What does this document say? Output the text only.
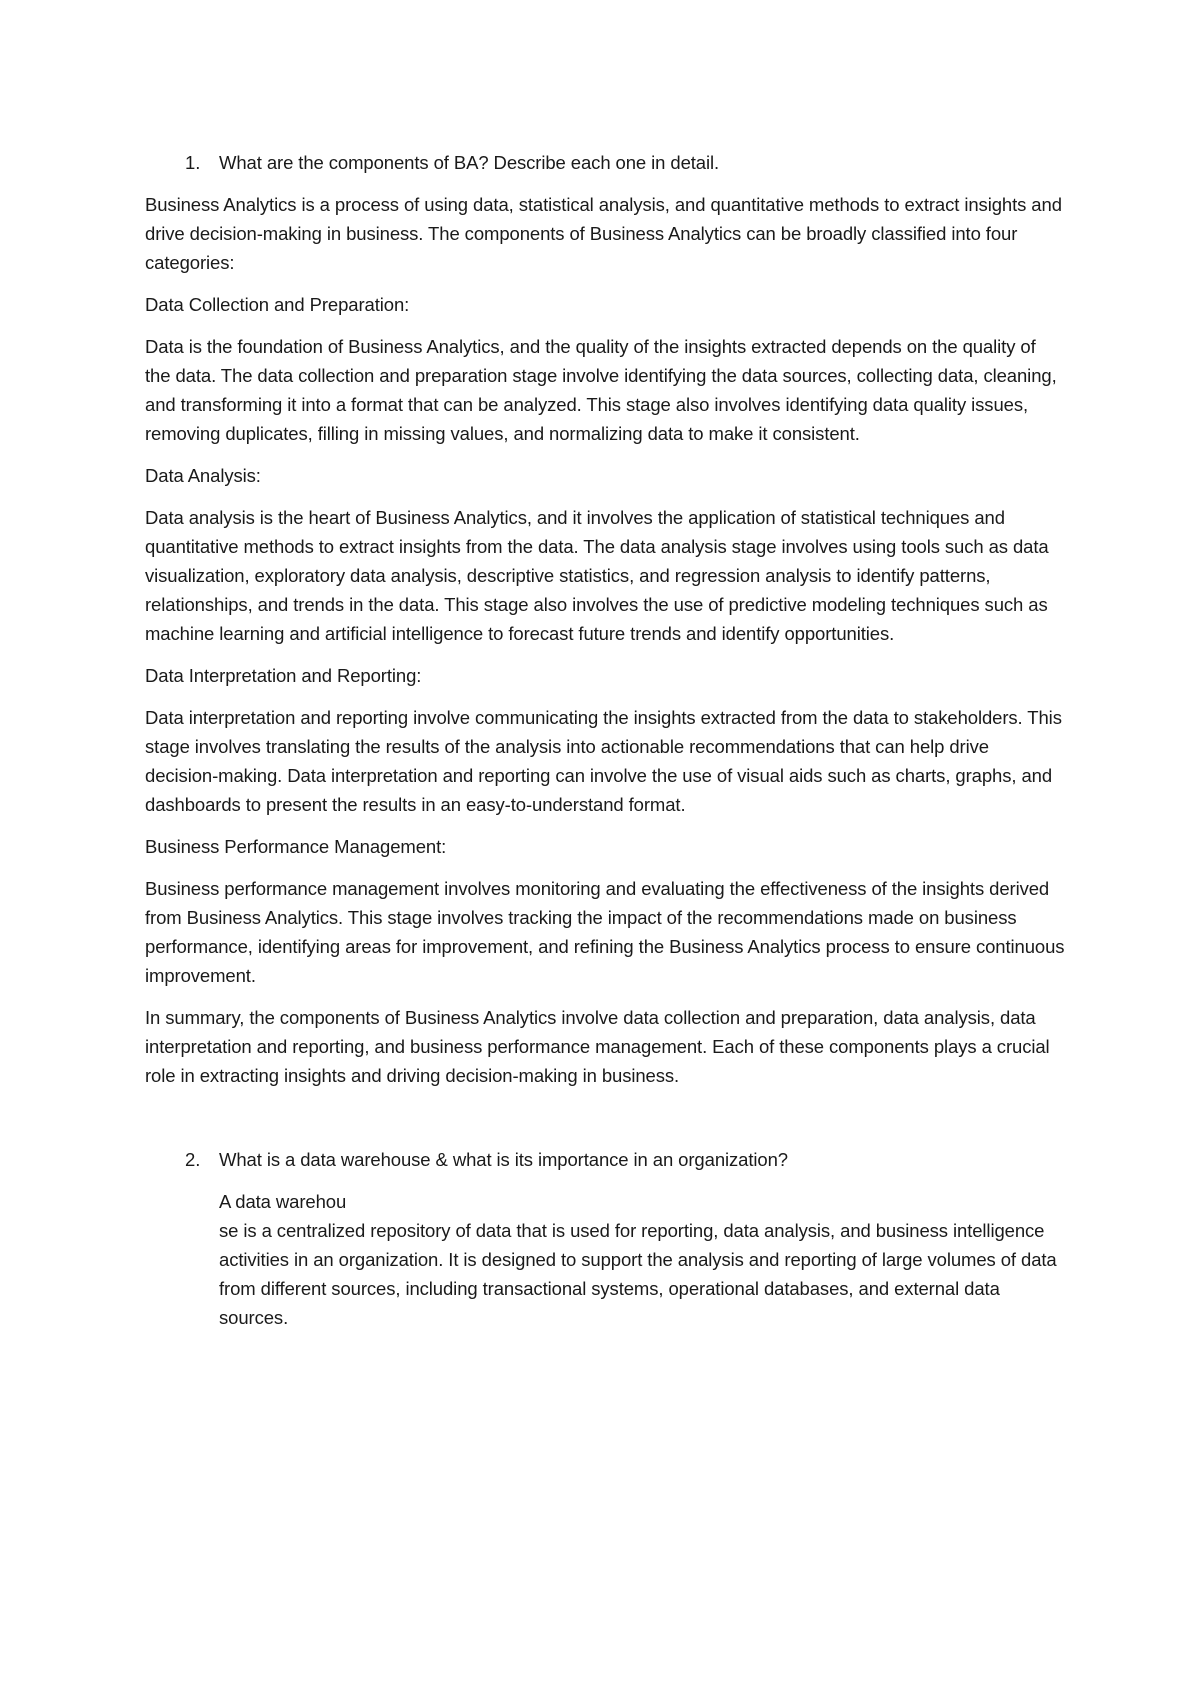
1.	What are the components of BA? Describe each one in detail.

Business Analytics is a process of using data, statistical analysis, and quantitative methods to extract insights and drive decision-making in business. The components of Business Analytics can be broadly classified into four categories:

Data Collection and Preparation:

Data is the foundation of Business Analytics, and the quality of the insights extracted depends on the quality of the data. The data collection and preparation stage involve identifying the data sources, collecting data, cleaning, and transforming it into a format that can be analyzed. This stage also involves identifying data quality issues, removing duplicates, filling in missing values, and normalizing data to make it consistent.

Data Analysis:

Data analysis is the heart of Business Analytics, and it involves the application of statistical techniques and quantitative methods to extract insights from the data. The data analysis stage involves using tools such as data visualization, exploratory data analysis, descriptive statistics, and regression analysis to identify patterns, relationships, and trends in the data. This stage also involves the use of predictive modeling techniques such as machine learning and artificial intelligence to forecast future trends and identify opportunities.

Data Interpretation and Reporting:

Data interpretation and reporting involve communicating the insights extracted from the data to stakeholders. This stage involves translating the results of the analysis into actionable recommendations that can help drive decision-making. Data interpretation and reporting can involve the use of visual aids such as charts, graphs, and dashboards to present the results in an easy-to-understand format.

Business Performance Management:

Business performance management involves monitoring and evaluating the effectiveness of the insights derived from Business Analytics. This stage involves tracking the impact of the recommendations made on business performance, identifying areas for improvement, and refining the Business Analytics process to ensure continuous improvement.

In summary, the components of Business Analytics involve data collection and preparation, data analysis, data interpretation and reporting, and business performance management. Each of these components plays a crucial role in extracting insights and driving decision-making in business.

2.	What is a data warehouse & what is its importance in an organization?

A data warehou

se is a centralized repository of data that is used for reporting, data analysis, and business intelligence activities in an organization. It is designed to support the analysis and reporting of large volumes of data from different sources, including transactional systems, operational databases, and external data sources.
